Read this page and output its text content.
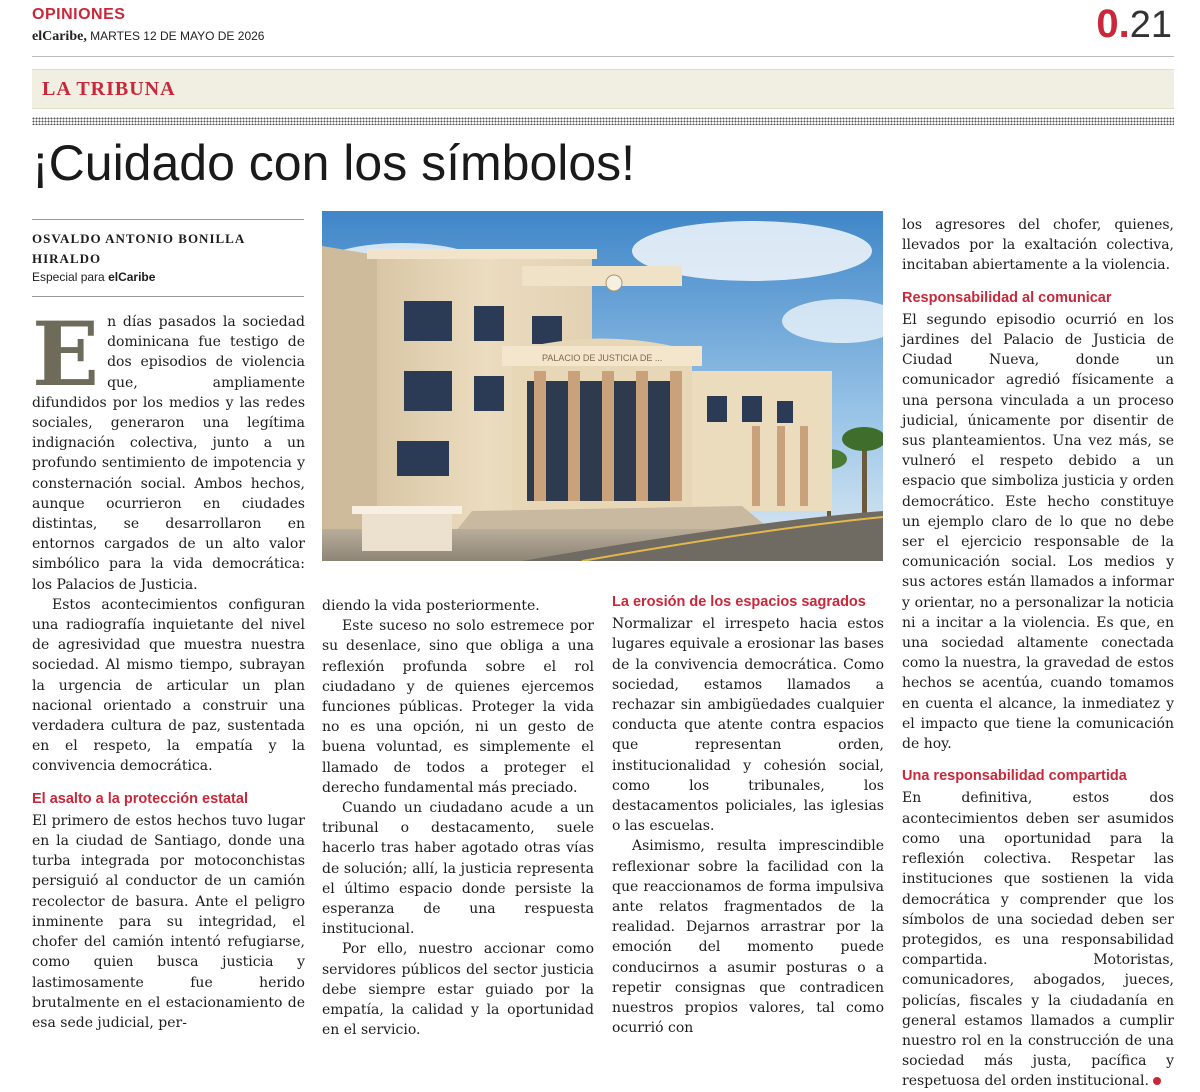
OPINIONES
elCaribe, MARTES 12 DE MAYO DE 2026	0.21
LA TRIBUNA
¡Cuidado con los símbolos!
OSVALDO ANTONIO BONILLA HIRALDO
Especial para elCaribe

En días pasados la sociedad dominicana fue testigo de dos episodios de violencia que, ampliamente difundidos por los medios y las redes sociales, generaron una legítima indignación colectiva, junto a un profundo sentimiento de impotencia y consternación social. Ambos hechos, aunque ocurrieron en ciudades distintas, se desarrollaron en entornos cargados de un alto valor simbólico para la vida democrática: los Palacios de Justicia.

Estos acontecimientos configuran una radiografía inquietante del nivel de agresividad que muestra nuestra sociedad. Al mismo tiempo, subrayan la urgencia de articular un plan nacional orientado a construir una verdadera cultura de paz, sustentada en el respeto, la empatía y la convivencia democrática.

El asalto a la protección estatal

El primero de estos hechos tuvo lugar en la ciudad de Santiago, donde una turba integrada por motoconchistas persiguió al conductor de un camión recolector de basura. Ante el peligro inminente para su integridad, el chofer del camión intentó refugiarse, como quien busca justicia y lastimosamente fue herido brutalmente en el estacionamiento de esa sede judicial, per-

PALACIO DE JUSTICIA DE ...

diendo la vida posteriormente.

Este suceso no solo estremece por su desenlace, sino que obliga a una reflexión profunda sobre el rol ciudadano y de quienes ejercemos funciones públicas. Proteger la vida no es una opción, ni un gesto de buena voluntad, es simplemente el llamado de todos a proteger el derecho fundamental más preciado.

Cuando un ciudadano acude a un tribunal o destacamento, suele hacerlo tras haber agotado otras vías de solución; allí, la justicia representa el último espacio donde persiste la esperanza de una respuesta institucional.

Por ello, nuestro accionar como servidores públicos del sector justicia debe siempre estar guiado por la empatía, la calidad y la oportunidad en el servicio.

La erosión de los espacios sagrados

Normalizar el irrespeto hacia estos lugares equivale a erosionar las bases de la convivencia democrática. Como sociedad, estamos llamados a rechazar sin ambigüedades cualquier conducta que atente contra espacios que representan orden, institucionalidad y cohesión social, como los tribunales, los destacamentos policiales, las iglesias o las escuelas.

Asimismo, resulta imprescindible reflexionar sobre la facilidad con la que reaccionamos de forma impulsiva ante relatos fragmentados de la realidad. Dejarnos arrastrar por la emoción del momento puede conducirnos a asumir posturas o a repetir consignas que contradicen nuestros propios valores, tal como ocurrió con

los agresores del chofer, quienes, llevados por la exaltación colectiva, incitaban abiertamente a la violencia.

Responsabilidad al comunicar

El segundo episodio ocurrió en los jardines del Palacio de Justicia de Ciudad Nueva, donde un comunicador agredió físicamente a una persona vinculada a un proceso judicial, únicamente por disentir de sus planteamientos. Una vez más, se vulneró el respeto debido a un espacio que simboliza justicia y orden democrático. Este hecho constituye un ejemplo claro de lo que no debe ser el ejercicio responsable de la comunicación social. Los medios y sus actores están llamados a informar y orientar, no a personalizar la noticia ni a incitar a la violencia. Es que, en una sociedad altamente conectada como la nuestra, la gravedad de estos hechos se acentúa, cuando tomamos en cuenta el alcance, la inmediatez y el impacto que tiene la comunicación de hoy.

Una responsabilidad compartida

En definitiva, estos dos acontecimientos deben ser asumidos como una oportunidad para la reflexión colectiva. Respetar las instituciones que sostienen la vida democrática y comprender que los símbolos de una sociedad deben ser protegidos, es una responsabilidad compartida. Motoristas, comunicadores, abogados, jueces, policías, fiscales y la ciudadanía en general estamos llamados a cumplir nuestro rol en la construcción de una sociedad más justa, pacífica y respetuosa del orden institucional.
